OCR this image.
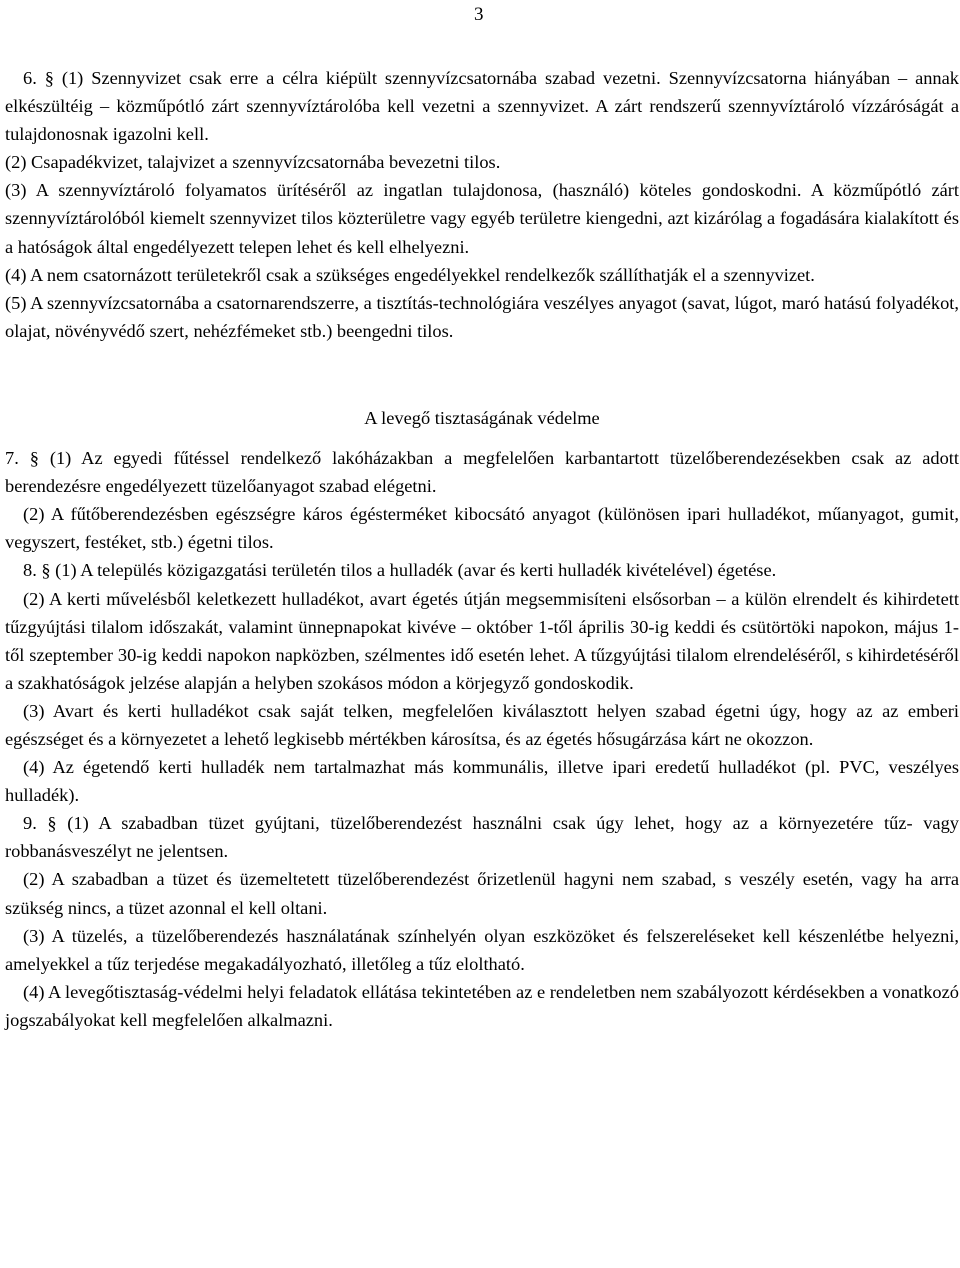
3

6. § (1) Szennyvizet csak erre a célra kiépült szennyvízcsatornába szabad vezetni. Szennyvízcsatorna hiányában – annak elkészültéig – közműpótló zárt szennyvíztárolóba kell vezetni a szennyvizet. A zárt rendszerű szennyvíztároló vízzáróságát a tulajdonosnak igazolni kell.

(2) Csapadékvizet, talajvizet a szennyvízcsatornába bevezetni tilos.

(3) A szennyvíztároló folyamatos ürítéséről az ingatlan tulajdonosa, (használó) köteles gondoskodni. A közműpótló zárt szennyvíztárolóból kiemelt szennyvizet tilos közterületre vagy egyéb területre kiengedni, azt kizárólag a fogadására kialakított és a hatóságok által engedélyezett telepen lehet és kell elhelyezni.

(4) A nem csatornázott területekről csak a szükséges engedélyekkel rendelkezők szállíthatják el a szennyvizet.

(5) A szennyvízcsatornába a csatornarendszerre, a tisztítás-technológiára veszélyes anyagot (savat, lúgot, maró hatású folyadékot, olajat, növényvédő szert, nehézfémeket stb.) beengedni tilos.

A levegő tisztaságának védelme

7. § (1) Az egyedi fűtéssel rendelkező lakóházakban a megfelelően karbantartott tüzelőberendezésekben csak az adott berendezésre engedélyezett tüzelőanyagot szabad elégetni.

(2) A fűtőberendezésben egészségre káros égésterméket kibocsátó anyagot (különösen ipari hulladékot, műanyagot, gumit, vegyszert, festéket, stb.) égetni tilos.

8. § (1) A település közigazgatási területén tilos a hulladék (avar és kerti hulladék kivételével) égetése.

(2) A kerti művelésből keletkezett hulladékot, avart égetés útján megsemmisíteni elsősorban – a külön elrendelt és kihirdetett tűzgyújtási tilalom időszakát, valamint ünnepnapokat kivéve – október 1-től április 30-ig keddi és csütörtöki napokon, május 1-től szeptember 30-ig keddi napokon napközben, szélmentes idő esetén lehet. A tűzgyújtási tilalom elrendeléséről, s kihirdetéséről a szakhatóságok jelzése alapján a helyben szokásos módon a körjegyző gondoskodik.

(3) Avart és kerti hulladékot csak saját telken, megfelelően kiválasztott helyen szabad égetni úgy, hogy az az emberi egészséget és a környezetet a lehető legkisebb mértékben károsítsa, és az égetés hősugárzása kárt ne okozzon.

(4) Az égetendő kerti hulladék nem tartalmazhat más kommunális, illetve ipari eredetű hulladékot (pl. PVC, veszélyes hulladék).

9. § (1) A szabadban tüzet gyújtani, tüzelőberendezést használni csak úgy lehet, hogy az a környezetére tűz- vagy robbanásveszélyt ne jelentsen.

(2) A szabadban a tüzet és üzemeltetett tüzelőberendezést őrizetlenül hagyni nem szabad, s veszély esetén, vagy ha arra szükség nincs, a tüzet azonnal el kell oltani.

(3) A tüzelés, a tüzelőberendezés használatának színhelyén olyan eszközöket és felszereléseket kell készenlétbe helyezni, amelyekkel a tűz terjedése megakadályozható, illetőleg a tűz eloltható.

(4) A levegőtisztaság-védelmi helyi feladatok ellátása tekintetében az e rendeletben nem szabályozott kérdésekben a vonatkozó jogszabályokat kell megfelelően alkalmazni.
